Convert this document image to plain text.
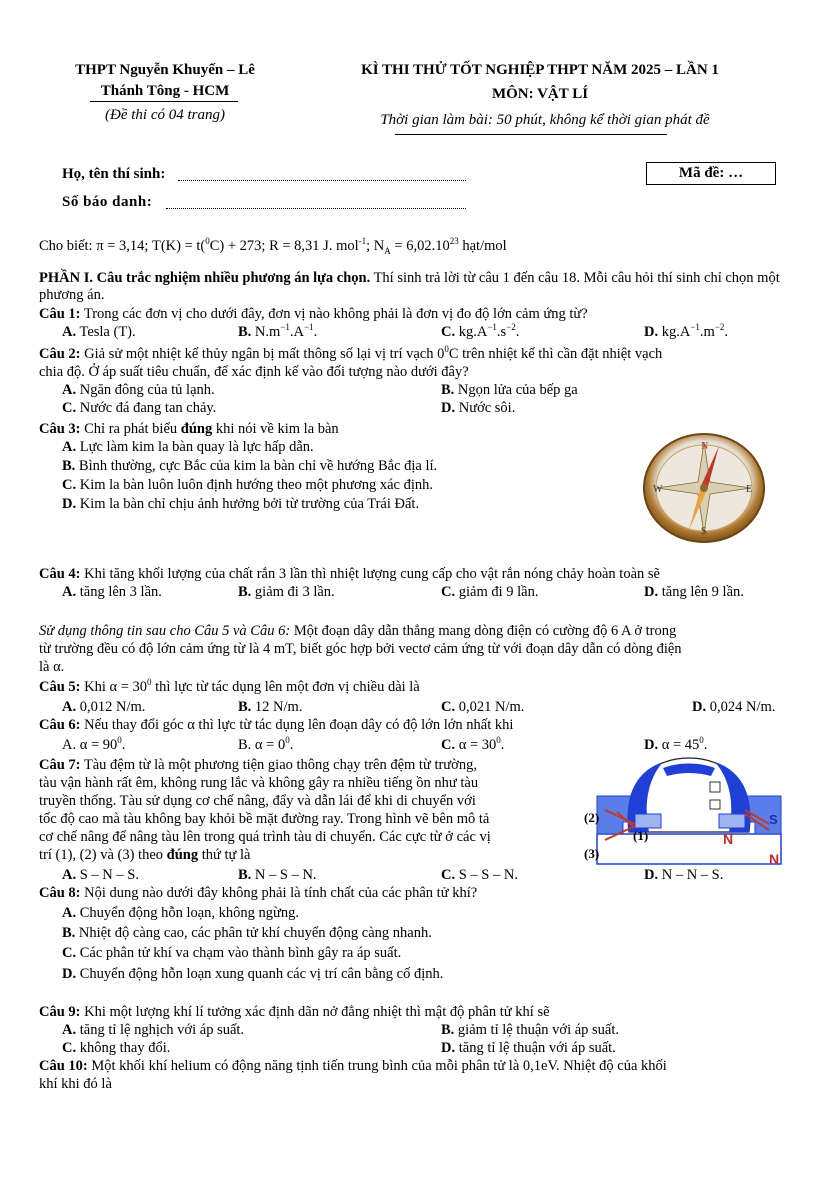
THPT Nguyễn Khuyến – Lê
Thánh Tông - HCM
(Đề thi có 04 trang)
KÌ THI THỬ TỐT NGHIỆP THPT NĂM 2025 – LẦN 1
MÔN: VẬT LÍ
Thời gian làm bài: 50 phút, không kể thời gian phát đề
Họ, tên thí sinh:
Số báo danh:
Mã đề: …
Cho biết: π = 3,14; T(K) = t($^0$C) + 273; R = 8,31 J. mol$^{-1}$; $N_A = 6,02.10^{23}$ hạt/mol
PHẦN I. Câu trắc nghiệm nhiều phương án lựa chọn. Thí sinh trả lời từ câu 1 đến câu 18. Mỗi câu hỏi thí sinh chỉ chọn một phương án.
Câu 1: Trong các đơn vị cho dưới đây, đơn vị nào không phải là đơn vị đo độ lớn cảm ứng từ?
A. Tesla (T).	B. $N.m^{-1}.A^{-1}$.	C. $kg.A^{-1}.s^{-2}$.	D. $kg.A^{-1}.m^{-2}$.
Câu 2: Giả sử một nhiệt kế thủy ngân bị mất thông số lại vị trí vạch $0^0C$ trên nhiệt kế thì cần đặt nhiệt vạch
chia độ. Ở áp suất tiêu chuẩn, để xác định kế vào đối tượng nào dưới đây?
A. Ngăn đông của tủ lạnh.	B. Ngọn lửa của bếp ga
C. Nước đá đang tan chảy.	D. Nước sôi.
Câu 3: Chỉ ra phát biểu đúng khi nói về kim la bàn
A. Lực làm kim la bàn quay là lực hấp dẫn.
B. Bình thường, cực Bắc của kim la bàn chỉ về hướng Bắc địa lí.
C. Kim la bàn luôn luôn định hướng theo một phương xác định.
D. Kim la bàn chỉ chịu ảnh hưởng bởi từ trường của Trái Đất.
N
S
E
W
Câu 4: Khi tăng khối lượng của chất rắn 3 lần thì nhiệt lượng cung cấp cho vật rắn nóng chảy hoàn toàn sẽ
A. tăng lên 3 lần.	B. giảm đi 3 lần.	C. giảm đi 9 lần.	D. tăng lên 9 lần.
Sử dụng thông tin sau cho Câu 5 và Câu 6: Một đoạn dây dẫn thẳng mang dòng điện có cường độ 6 A ở trong
từ trường đều có độ lớn cảm ứng từ là 4 mT, biết góc hợp bởi vectơ cảm ứng từ với đoạn dây dẫn có dòng điện
là α.
Câu 5: Khi $\alpha = 30^0$ thì lực từ tác dụng lên một đơn vị chiều dài là
A. 0,012 N/m.	B. 12 N/m.	C. 0,021 N/m.	D. 0,024 N/m.
Câu 6: Nếu thay đổi góc α thì lực từ tác dụng lên đoạn dây có độ lớn lớn nhất khi
A. $\alpha = 90^0$.	B. $\alpha = 0^0$.	C. $\alpha = 30^0$.	D. $\alpha = 45^0$.
Câu 7: Tàu đệm từ là một phương tiện giao thông chạy trên đệm từ trường,
tàu vận hành rất êm, không rung lắc và không gây ra nhiều tiếng ồn như tàu
truyền thống. Tàu sử dụng cơ chế nâng, đẩy và dẫn lái để khi di chuyển với
tốc độ cao mà tàu không bay khỏi bề mặt đường ray. Trong hình vẽ bên mô tả
cơ chế nâng để nâng tàu lên trong quá trình tàu di chuyển. Các cực từ ở các vị
trí (1), (2) và (3) theo đúng thứ tự là
A. S – N – S.	B. N – S – N.	C. S – S – N.	D. N – N – S.
(2)
(1)
(3)
N
S
N
Câu 8: Nội dung nào dưới đây không phải là tính chất của các phân tử khí?
A. Chuyển động hỗn loạn, không ngừng.
B. Nhiệt độ càng cao, các phân tử khí chuyển động càng nhanh.
C. Các phân tử khí va chạm vào thành bình gây ra áp suất.
D. Chuyển động hỗn loạn xung quanh các vị trí cân bằng cố định.
Câu 9: Khi một lượng khí lí tưởng xác định dãn nở đẳng nhiệt thì mật độ phân tử khí sẽ
A. tăng tỉ lệ nghịch với áp suất.	B. giảm tỉ lệ thuận với áp suất.
C. không thay đổi.	D. tăng tỉ lệ thuận với áp suất.
Câu 10: Một khối khí helium có động năng tịnh tiến trung bình của mỗi phân tử là 0,1eV. Nhiệt độ của khối
khí khi đó là
